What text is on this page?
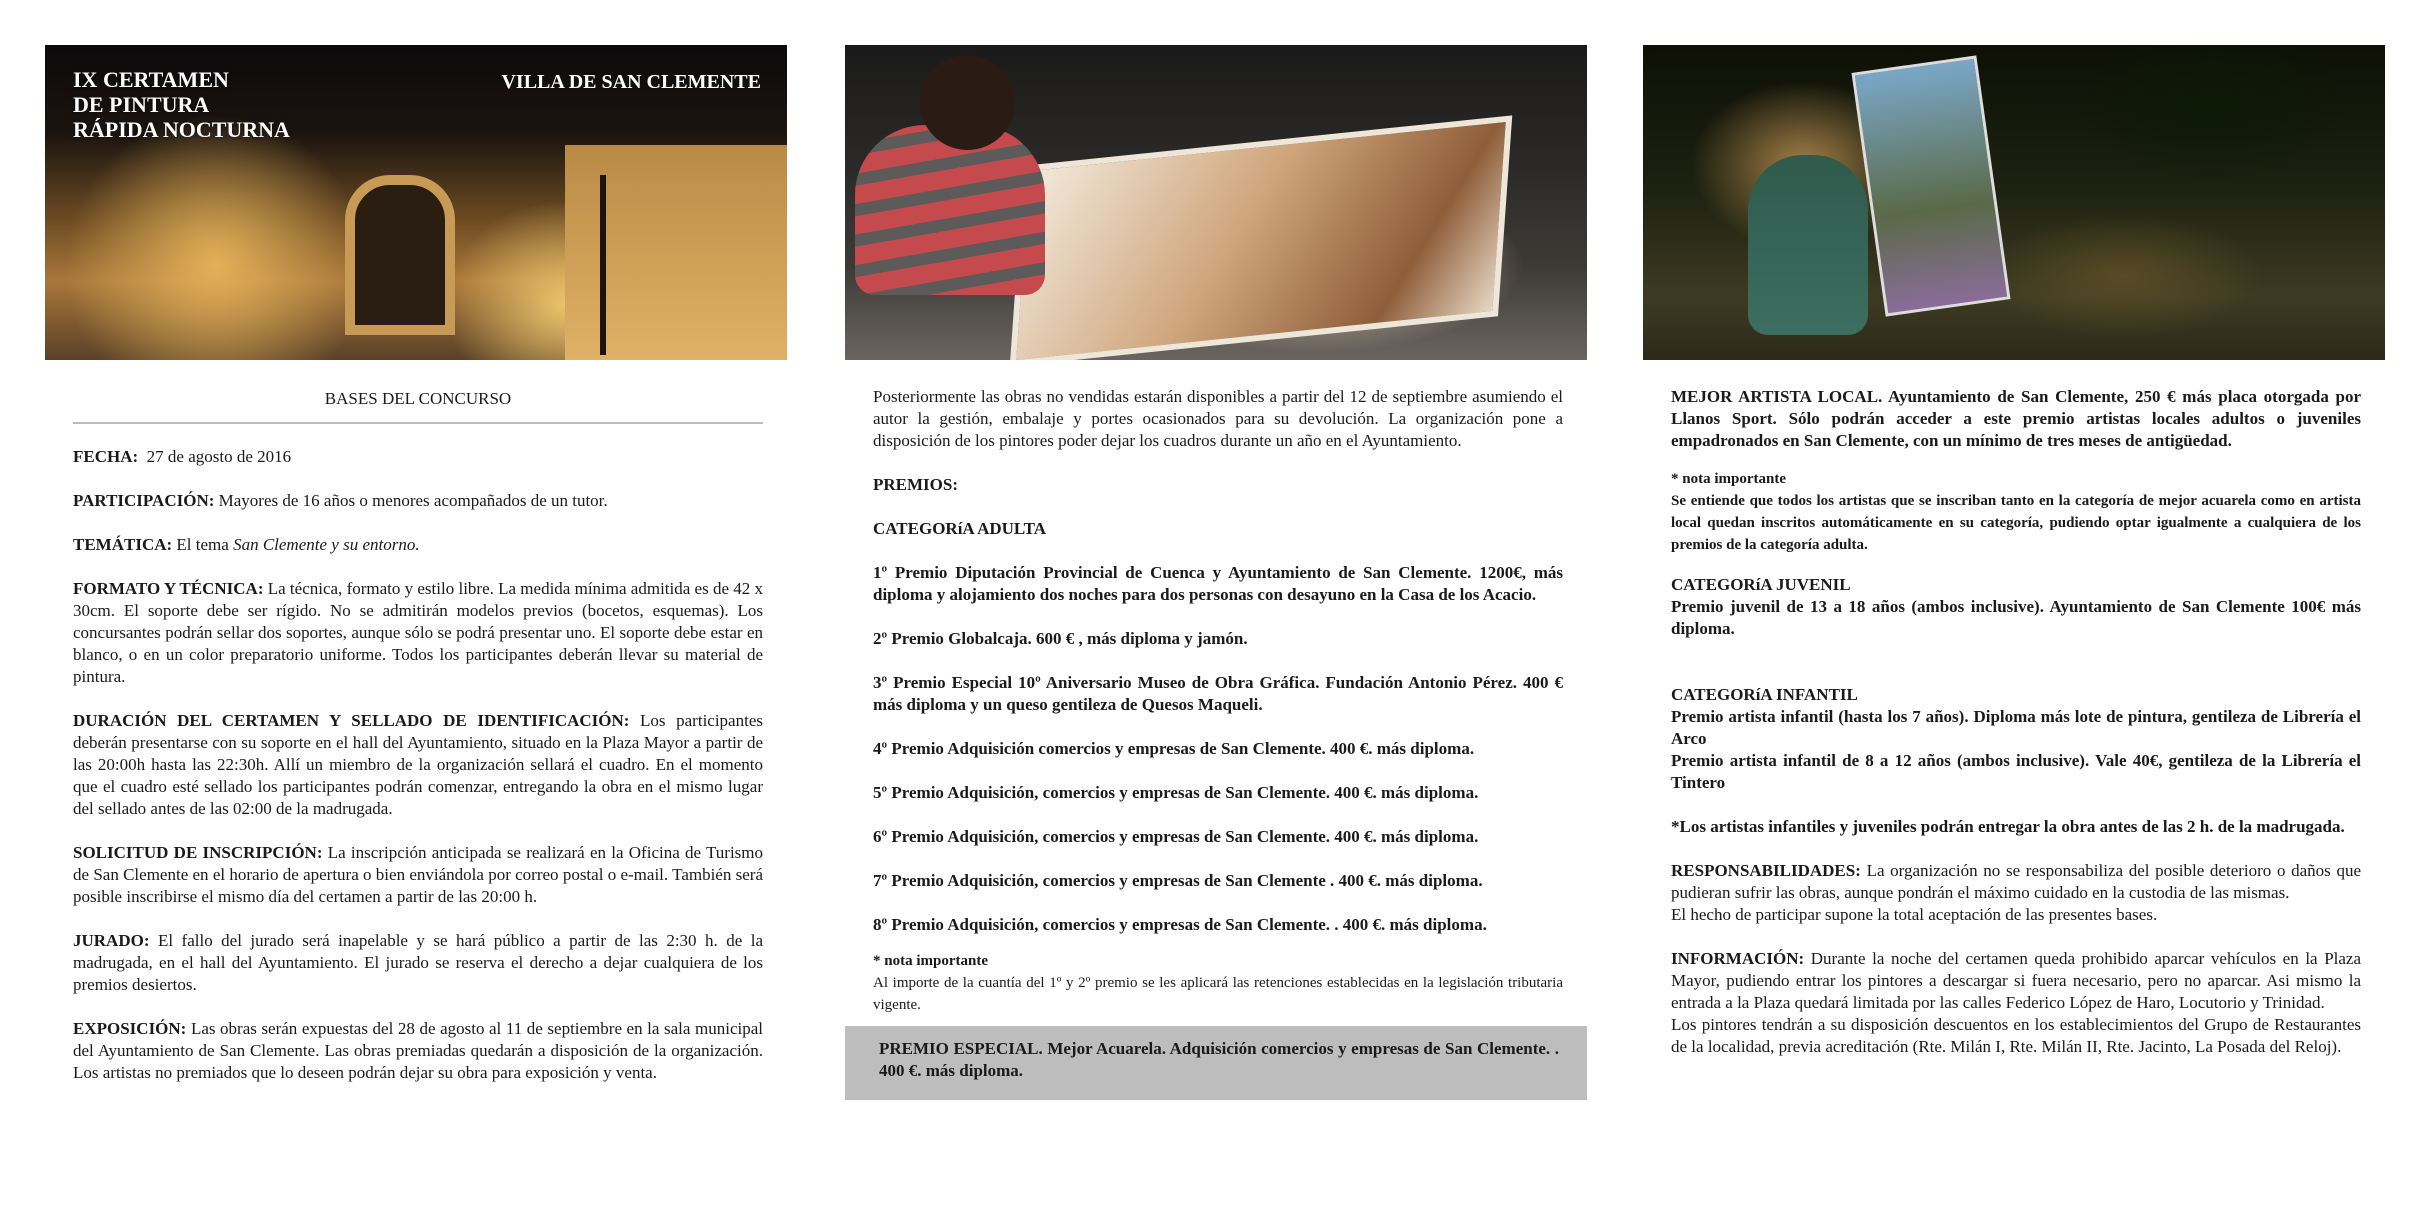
IX CERTAMEN
DE PINTURA
RÁPIDA NOCTURNA
VILLA DE SAN CLEMENTE
BASES DEL CONCURSO

FECHA: 27 de agosto de 2016

PARTICIPACIÓN: Mayores de 16 años o menores acompañados de un tutor.

TEMÁTICA: El tema San Clemente y su entorno.

FORMATO Y TÉCNICA: La técnica, formato y estilo libre. La medida mínima admitida es de 42 x 30cm. El soporte debe ser rígido. No se admitirán modelos previos (bocetos, esquemas). Los concursantes podrán sellar dos soportes, aunque sólo se podrá presentar uno. El soporte debe estar en blanco, o en un color preparatorio uniforme. Todos los participantes deberán llevar su material de pintura.

DURACIÓN DEL CERTAMEN Y SELLADO DE IDENTIFICACIÓN: Los participantes deberán presentarse con su soporte en el hall del Ayuntamiento, situado en la Plaza Mayor a partir de las 20:00h hasta las 22:30h. Allí un miembro de la organización sellará el cuadro. En el momento que el cuadro esté sellado los participantes podrán comenzar, entregando la obra en el mismo lugar del sellado antes de las 02:00 de la madrugada.

SOLICITUD DE INSCRIPCIÓN: La inscripción anticipada se realizará en la Oficina de Turismo de San Clemente en el horario de apertura o bien enviándola por correo postal o e-mail. También será posible inscribirse el mismo día del certamen a partir de las 20:00 h.

JURADO: El fallo del jurado será inapelable y se hará público a partir de las 2:30 h. de la madrugada, en el hall del Ayuntamiento. El jurado se reserva el derecho a dejar cualquiera de los premios desiertos.

EXPOSICIÓN: Las obras serán expuestas del 28 de agosto al 11 de septiembre en la sala municipal del Ayuntamiento de San Clemente. Las obras premiadas quedarán a disposición de la organización. Los artistas no premiados que lo deseen podrán dejar su obra para exposición y venta.

Posteriormente las obras no vendidas estarán disponibles a partir del 12 de septiembre asumiendo el autor la gestión, embalaje y portes ocasionados para su devolución. La organización pone a disposición de los pintores poder dejar los cuadros durante un año en el Ayuntamiento.

PREMIOS:

CATEGORíA ADULTA

1º Premio Diputación Provincial de Cuenca y Ayuntamiento de San Clemente. 1200€, más diploma y alojamiento dos noches para dos personas con desayuno en la Casa de los Acacio.

2º Premio Globalcaja. 600 € , más diploma y jamón.

3º Premio Especial 10º Aniversario Museo de Obra Gráfica. Fundación Antonio Pérez. 400 € más diploma y un queso gentileza de Quesos Maqueli.

4º Premio Adquisición comercios y empresas de San Clemente. 400 €. más diploma.

5º Premio Adquisición, comercios y empresas de San Clemente. 400 €. más diploma.

6º Premio Adquisición, comercios y empresas de San Clemente. 400 €. más diploma.

7º Premio Adquisición, comercios y empresas de San Clemente . 400 €. más diploma.

8º Premio Adquisición, comercios y empresas de San Clemente. . 400 €. más diploma.

* nota importante

Al importe de la cuantía del 1º y 2º premio se les aplicará las retenciones establecidas en la legislación tributaria vigente.

PREMIO ESPECIAL. Mejor Acuarela. Adquisición comercios y empresas de San Clemente. . 400 €. más diploma.

MEJOR ARTISTA LOCAL. Ayuntamiento de San Clemente, 250 € más placa otorgada por Llanos Sport. Sólo podrán acceder a este premio artistas locales adultos o juveniles empadronados en San Clemente, con un mínimo de tres meses de antigüedad.

* nota importante

Se entiende que todos los artistas que se inscriban tanto en la categoría de mejor acuarela como en artista local quedan inscritos automáticamente en su categoría, pudiendo optar igualmente a cualquiera de los premios de la categoría adulta.

CATEGORíA JUVENIL

Premio juvenil de 13 a 18 años (ambos inclusive). Ayuntamiento de San Clemente 100€ más diploma.

CATEGORíA INFANTIL
Premio artista infantil (hasta los 7 años). Diploma más lote de pintura, gentileza de Librería el Arco

Premio artista infantil de 8 a 12 años (ambos inclusive). Vale 40€, gentileza de la Librería el Tintero

*Los artistas infantiles y juveniles podrán entregar la obra antes de las 2 h. de la madrugada.

RESPONSABILIDADES: La organización no se responsabiliza del posible deterioro o daños que pudieran sufrir las obras, aunque pondrán el máximo cuidado en la custodia de las mismas.

El hecho de participar supone la total aceptación de las presentes bases.

INFORMACIÓN: Durante la noche del certamen queda prohibido aparcar vehículos en la Plaza Mayor, pudiendo entrar los pintores a descargar si fuera necesario, pero no aparcar. Asi mismo la entrada a la Plaza quedará limitada por las calles Federico López de Haro, Locutorio y Trinidad.
Los pintores tendrán a su disposición descuentos en los establecimientos del Grupo de Restaurantes de la localidad, previa acreditación (Rte. Milán I, Rte. Milán II, Rte. Jacinto, La Posada del Reloj).
